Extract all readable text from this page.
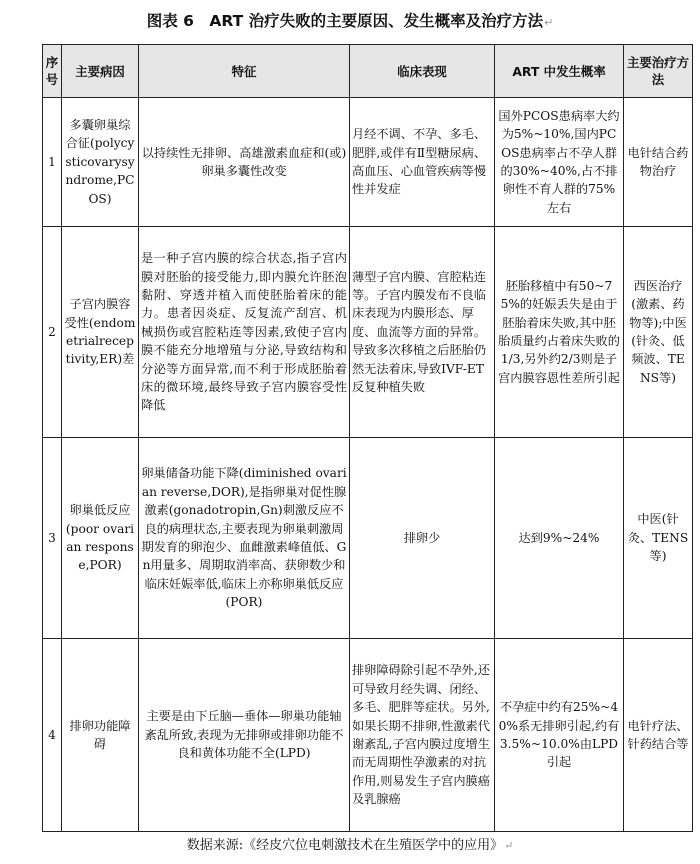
图表 6　ART 治疗失败的主要原因、发生概率及治疗方法↵
序号	主要病因	特征	临床表现	ART 中发生概率	主要治疗方法
1	多囊卵巢综合征(polycysticovarysyndrome,PCOS)	以持续性无排卵、高雄激素血症和(或)卵巢多囊性改变	月经不调、不孕、多毛、肥胖,或伴有Ⅱ型糖尿病、高血压、心血管疾病等慢性并发症	国外PCOS患病率大约为5%~10%,国内PCOS患病率占不孕人群的30%~40%,占不排卵性不育人群的75%左右	电针结合药物治疗
2	子宫内膜容受性(endometrialreceptivity,ER)差	是一种子宫内膜的综合状态,指子宫内膜对胚胎的接受能力,即内膜允许胚泡黏附、穿透并植入而使胚胎着床的能力。患者因炎症、反复流产刮宫、机械损伤或宫腔粘连等因素,致使子宫内膜不能充分地增殖与分泌,导致结构和分泌等方面异常,而不利于形成胚胎着床的微环境,最终导致子宫内膜容受性降低	薄型子宫内膜、宫腔粘连等。子宫内膜发布不良临床表现为内膜形态、厚度、血流等方面的异常。导致多次移植之后胚胎仍然无法着床,导致IVF-ET反复种植失败	胚胎移植中有50~75%的妊娠丢失是由于胚胎着床失败,其中胚胎质量约占着床失败的1/3,另外约2/3则是子宫内膜容恩性差所引起	西医治疗(激素、药物等);中医(针灸、低频波、TENS等)
3	卵巢低反应(poor ovarian response,POR)	卵巢储备功能下降(diminished ovarian reverse,DOR),是指卵巢对促性腺激素(gonadotropin,Gn)刺激反应不良的病理状态,主要表现为卵巢刺激周期发育的卵泡少、血雌激素峰值低、Gn用量多、周期取消率高、获卵数少和临床妊娠率低,临床上亦称卵巢低反应(POR)	排卵少	达到9%~24%	中医(针灸、TENS等)
4	排卵功能障碍	主要是由下丘脑—垂体—卵巢功能轴紊乱所致,表现为无排卵或排卵功能不良和黄体功能不全(LPD)	排卵障碍除引起不孕外,还可导致月经失调、闭经、多毛、肥胖等症状。另外,如果长期不排卵,性激素代谢紊乱,子宫内膜过度增生而无周期性孕激素的对抗作用,则易发生子宫内膜癌及乳腺癌	不孕症中约有25%~40%系无排卵引起,约有3.5%~10.0%由LPD引起	电针疗法、针药结合等
数据来源:《经皮穴位电刺激技术在生殖医学中的应用》↵
